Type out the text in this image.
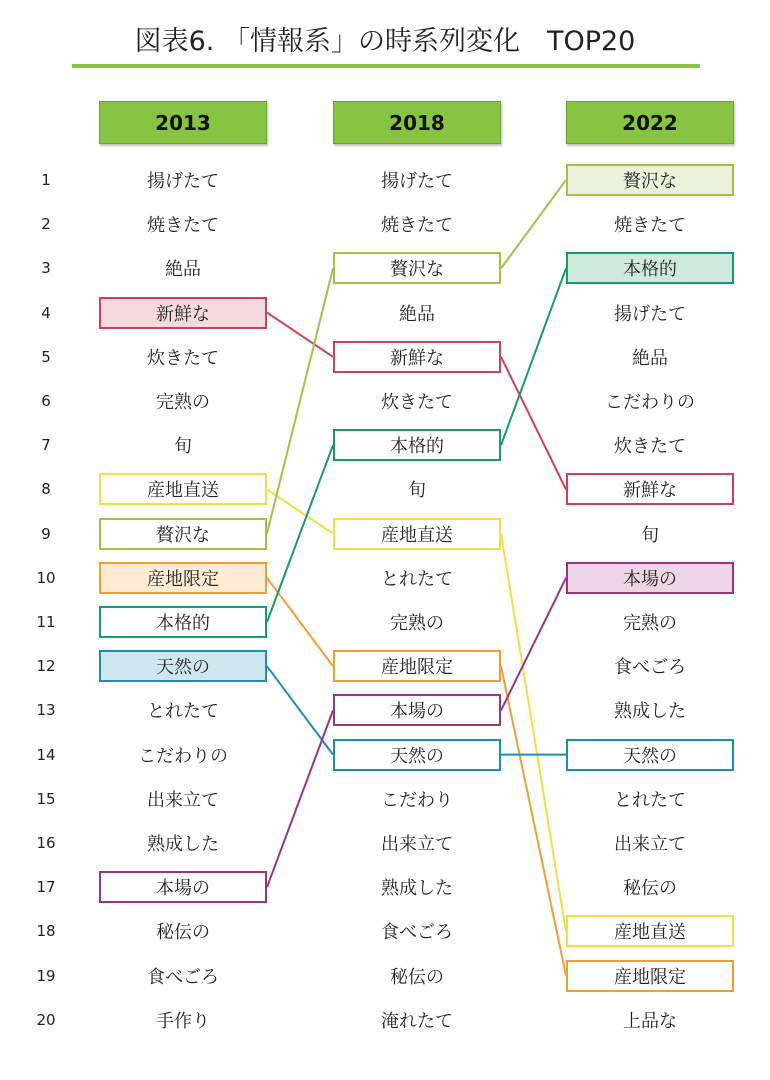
図表6. 「情報系」の時系列変化　TOP20
2013	2018	2022
1
2
3
4
5
6
7
8
9
10
11
12
13
14
15
16
17
18
19
20
揚げたて
焼きたて
絶品
新鮮な
炊きたて
完熟の
旬
産地直送
贅沢な
産地限定
本格的
天然の
とれたて
こだわりの
出来立て
熟成した
本場の
秘伝の
食べごろ
手作り
揚げたて
焼きたて
贅沢な
絶品
新鮮な
炊きたて
本格的
旬
産地直送
とれたて
完熟の
産地限定
本場の
天然の
こだわり
出来立て
熟成した
食べごろ
秘伝の
淹れたて
贅沢な
焼きたて
本格的
揚げたて
絶品
こだわりの
炊きたて
新鮮な
旬
本場の
完熟の
食べごろ
熟成した
天然の
とれたて
出来立て
秘伝の
産地直送
産地限定
上品な
